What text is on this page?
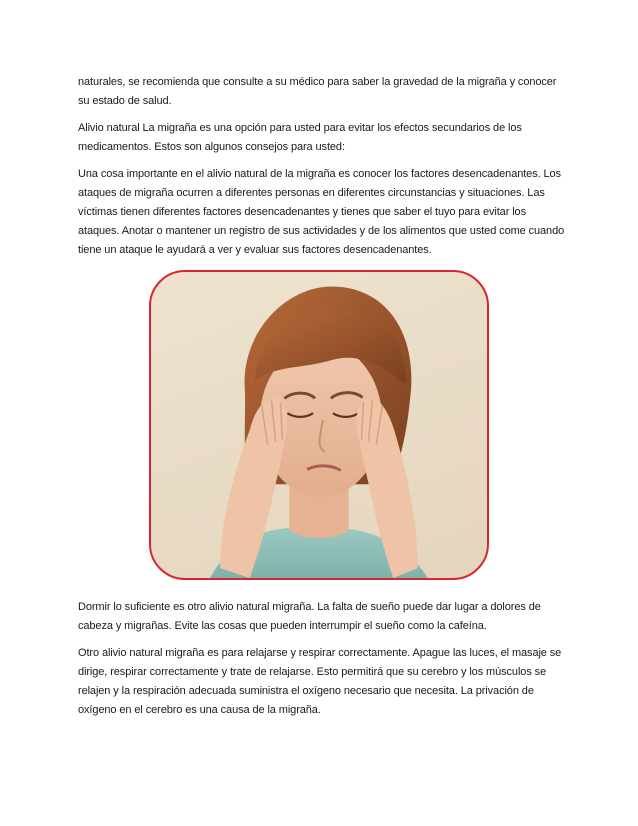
naturales, se recomienda que consulte a su médico para saber la gravedad de la migraña y conocer su estado de salud.

Alivio natural La migraña es una opción para usted para evitar los efectos secundarios de los medicamentos. Estos son algunos consejos para usted:

Una cosa importante en el alivio natural de la migraña es conocer los factores desencadenantes. Los ataques de migraña ocurren a diferentes personas en diferentes circunstancias y situaciones. Las víctimas tienen diferentes factores desencadenantes y tienes que saber el tuyo para evitar los ataques. Anotar o mantener un registro de sus actividades y de los alimentos que usted come cuando tiene un ataque le ayudará a ver y evaluar sus factores desencadenantes.

Dormir lo suficiente es otro alivio natural migraña. La falta de sueño puede dar lugar a dolores de cabeza y migrañas. Evite las cosas que pueden interrumpir el sueño como la cafeína.

Otro alivio natural migraña es para relajarse y respirar correctamente. Apague las luces, el masaje se dirige, respirar correctamente y trate de relajarse. Esto permitirá que su cerebro y los músculos se relajen y la respiración adecuada suministra el oxígeno necesario que necesita. La privación de oxígeno en el cerebro es una causa de la migraña.
